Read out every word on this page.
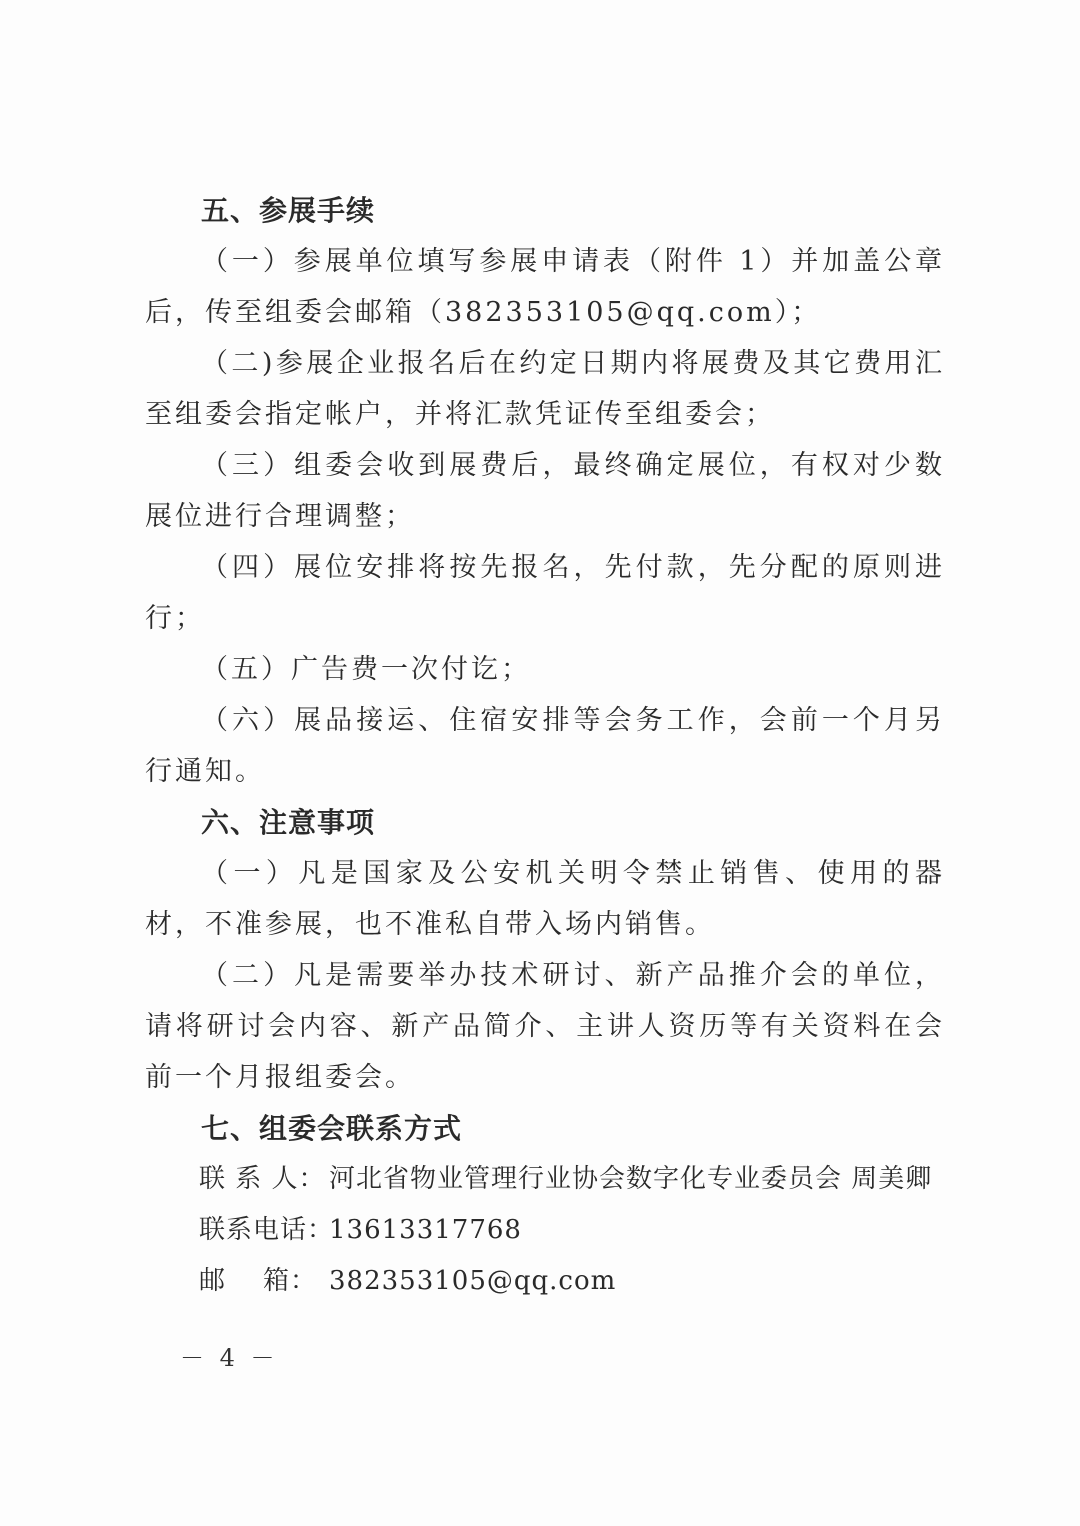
五、参展手续
（一）参展单位填写参展申请表（附件 1）并加盖公章后，传至组委会邮箱（382353105@qq.com）；
（二)参展企业报名后在约定日期内将展费及其它费用汇至组委会指定帐户，并将汇款凭证传至组委会；
（三）组委会收到展费后，最终确定展位，有权对少数展位进行合理调整；
（四）展位安排将按先报名，先付款，先分配的原则进行；
（五）广告费一次付讫；
（六）展品接运、住宿安排等会务工作，会前一个月另行通知。
六、注意事项
（一）凡是国家及公安机关明令禁止销售、使用的器材，不准参展，也不准私自带入场内销售。
（二）凡是需要举办技术研讨、新产品推介会的单位，请将研讨会内容、新产品简介、主讲人资历等有关资料在会前一个月报组委会。
七、组委会联系方式
联 系 人： 河北省物业管理行业协会数字化专业委员会 周美卿
联系电话：13613317768
邮    箱： 382353105@qq.com
－ 4 －
